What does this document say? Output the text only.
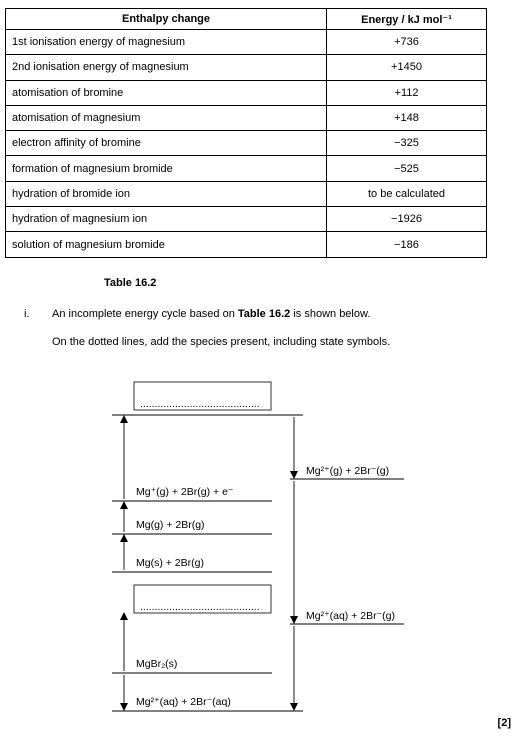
Enthalpy change	Energy / kJ mol⁻¹
1st ionisation energy of magnesium	+736
2nd ionisation energy of magnesium	+1450
atomisation of bromine	+112
atomisation of magnesium	+148
electron affinity of bromine	−325
formation of magnesium bromide	−525
hydration of bromide ion	to be calculated
hydration of magnesium ion	−1926
solution of magnesium bromide	−186
Table 16.2
i. An incomplete energy cycle based on Table 16.2 is shown below.
On the dotted lines, add the species present, including state symbols.
.........................................
.........................................
Mg⁺(g) + 2Br(g) + e⁻
Mg(g) + 2Br(g)
Mg(s) + 2Br(g)
MgBr₂(s)
Mg²⁺(aq) + 2Br⁻(aq)
Mg²⁺(g) + 2Br⁻(g)
Mg²⁺(aq) + 2Br⁻(g)
[2]
